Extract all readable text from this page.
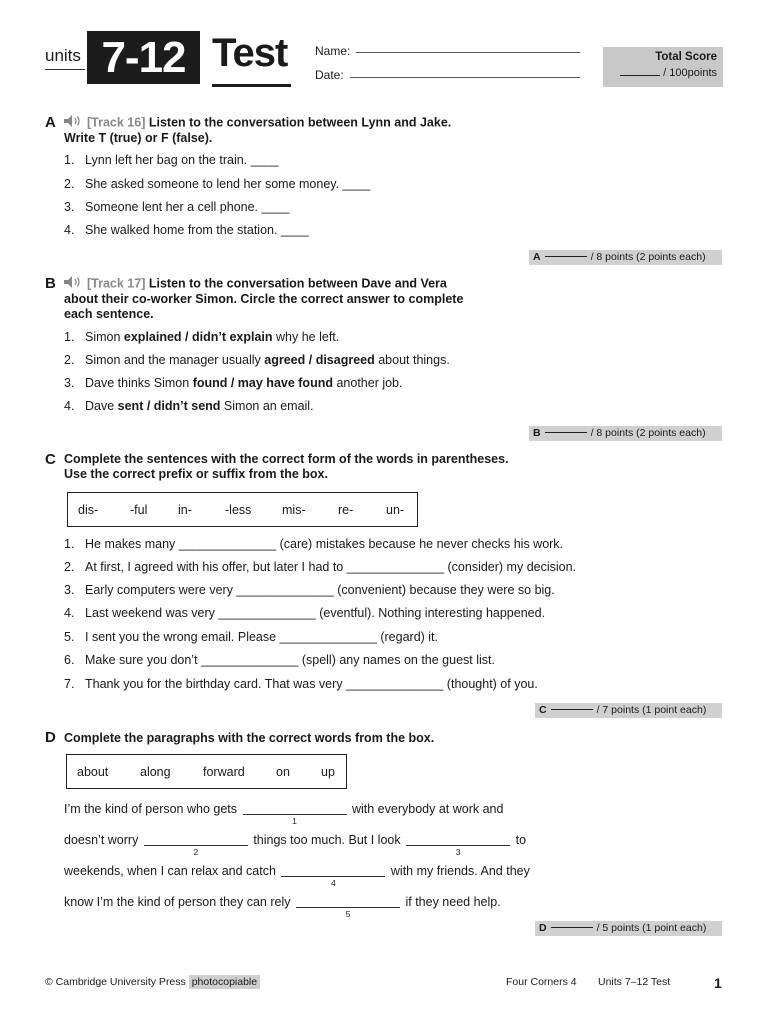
units 7-12 Test Name:
Date:
Total Score
/ 100points
A	[Track 16] Listen to the conversation between Lynn and Jake.
Write T (true) or F (false).
1. Lynn left her bag on the train. ____
2. She asked someone to lend her some money. ____
3. Someone lent her a cell phone. ____
4. She walked home from the station. ____
A	/ 8 points (2 points each)
B	[Track 17] Listen to the conversation between Dave and Vera
about their co-worker Simon. Circle the correct answer to complete
each sentence.
1. Simon explained / didn’t explain why he left.
2. Simon and the manager usually agreed / disagreed about things.
3. Dave thinks Simon found / may have found another job.
4. Dave sent / didn’t send Simon an email.
B	/ 8 points (2 points each)
C Complete the sentences with the correct form of the words in parentheses.
Use the correct prefix or suffix from the box.
dis-	-ful in-	-less mis-	re-	un-
1. He makes many ______________ (care) mistakes because he never checks his work.
2. At first, I agreed with his offer, but later I had to ______________ (consider) my decision.
3. Early computers were very ______________ (convenient) because they were so big.
4. Last weekend was very ______________ (eventful). Nothing interesting happened.
5. I sent you the wrong email. Please ______________ (regard) it.
6. Make sure you don’t ______________ (spell) any names on the guest list.
7. Thank you for the birthday card. That was very ______________ (thought) of you.
C	/ 7 points (1 point each)
D Complete the paragraphs with the correct words from the box.
about	along	forward	on up
I’m the kind of person who gets
1
with everybody at work and
doesn’t worry
2
things too much. But I look
3
to
weekends, when I can relax and catch
4
with my friends. And they
know I’m the kind of person they can rely
5
if they need help.
D	/ 5 points (1 point each)
© Cambridge University Press photocopiable	Four Corners 4 Units 7–12 Test	1
